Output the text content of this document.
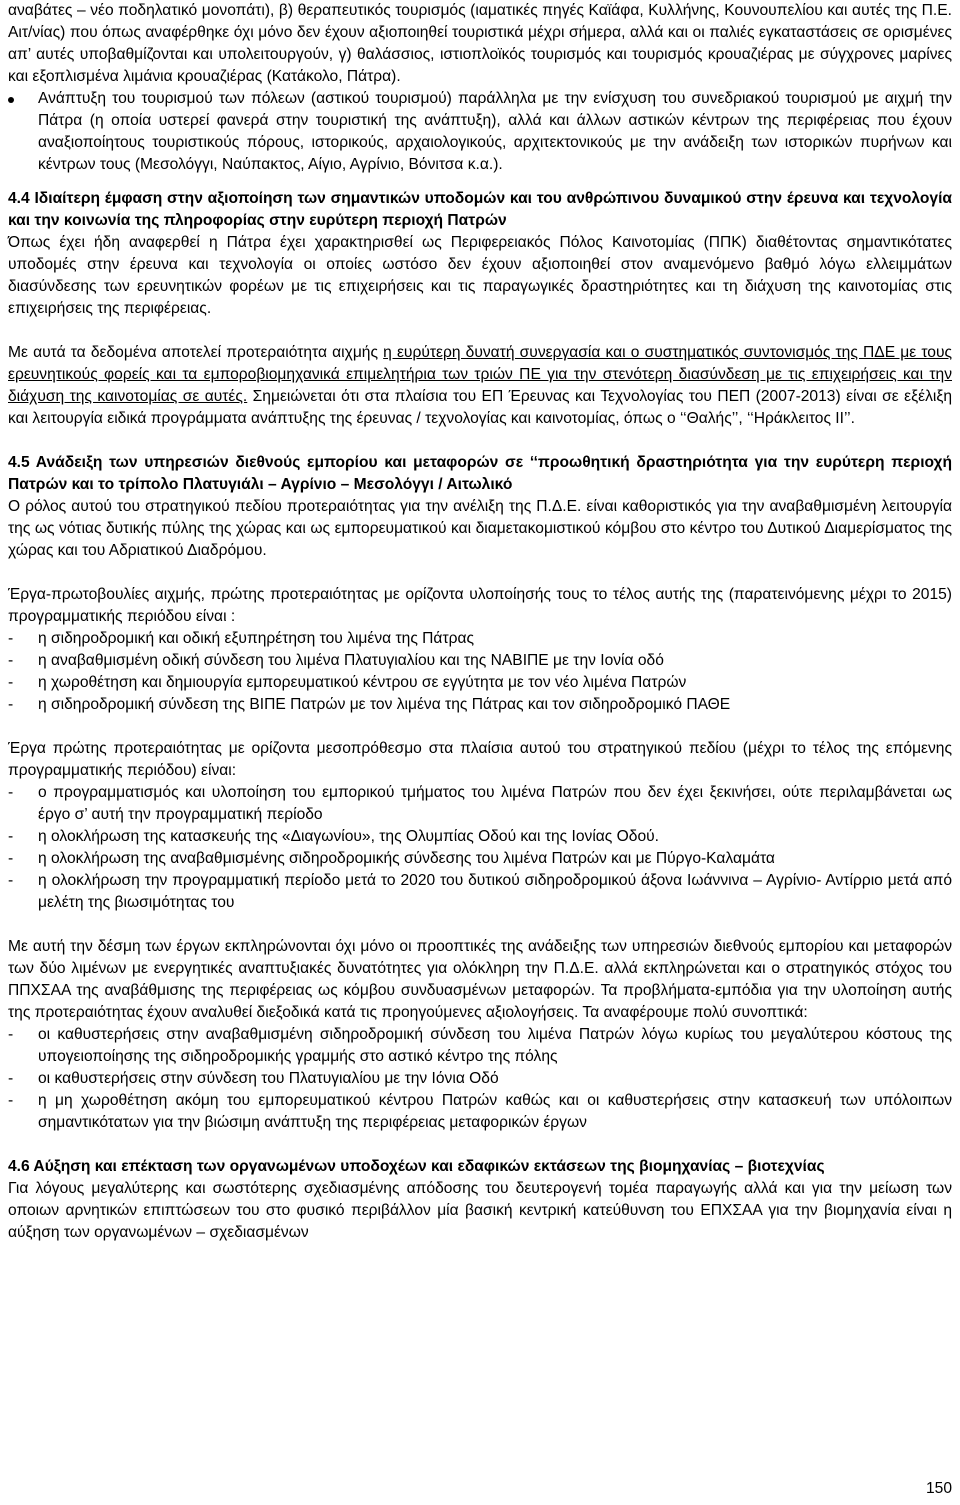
αναβάτες – νέο ποδηλατικό μονοπάτι), β) θεραπευτικός τουρισμός (ιαματικές πηγές Καϊάφα, Κυλλήνης, Κουνουπελίου και αυτές της Π.Ε. Αιτ/νίας) που όπως αναφέρθηκε όχι μόνο δεν έχουν αξιοποιηθεί τουριστικά μέχρι σήμερα, αλλά και οι παλιές εγκαταστάσεις σε ορισμένες απ’ αυτές υποβαθμίζονται και υπολειτουργούν, γ) θαλάσσιος, ιστιοπλοϊκός τουρισμός και τουρισμός κρουαζιέρας με σύγχρονες μαρίνες και εξοπλισμένα λιμάνια κρουαζιέρας (Κατάκολο, Πάτρα).

Ανάπτυξη του τουρισμού των πόλεων (αστικού τουρισμού) παράλληλα με την ενίσχυση του συνεδριακού τουρισμού με αιχμή την Πάτρα (η οποία υστερεί φανερά στην τουριστική της ανάπτυξη), αλλά και άλλων αστικών κέντρων της περιφέρειας που έχουν αναξιοποίητους τουριστικούς πόρους, ιστορικούς, αρχαιολογικούς, αρχιτεκτονικούς με την ανάδειξη των ιστορικών πυρήνων και κέντρων τους (Μεσολόγγι, Ναύπακτος, Αίγιο, Αγρίνιο, Βόνιτσα κ.α.).

4.4 Ιδιαίτερη έμφαση στην αξιοποίηση των σημαντικών υποδομών και του ανθρώπινου δυναμικού στην έρευνα και τεχνολογία και την κοινωνία της πληροφορίας στην ευρύτερη περιοχή Πατρών

Όπως έχει ήδη αναφερθεί η Πάτρα έχει χαρακτηρισθεί ως Περιφερειακός Πόλος Καινοτομίας (ΠΠΚ) διαθέτοντας σημαντικότατες υποδομές στην έρευνα και τεχνολογία οι οποίες ωστόσο δεν έχουν αξιοποιηθεί στον αναμενόμενο βαθμό λόγω ελλειμμάτων διασύνδεσης των ερευνητικών φορέων με τις επιχειρήσεις και τις παραγωγικές δραστηριότητες και τη διάχυση της καινοτομίας στις επιχειρήσεις της περιφέρειας.

Με αυτά τα δεδομένα αποτελεί προτεραιότητα αιχμής η ευρύτερη δυνατή συνεργασία και ο συστηματικός συντονισμός της ΠΔΕ με τους ερευνητικούς φορείς και τα εμποροβιομηχανικά επιμελητήρια των τριών ΠΕ για την στενότερη διασύνδεση με τις επιχειρήσεις και την διάχυση της καινοτομίας σε αυτές. Σημειώνεται ότι στα πλαίσια του ΕΠ Έρευνας και Τεχνολογίας του ΠΕΠ (2007-2013) είναι σε εξέλιξη και λειτουργία ειδικά προγράμματα ανάπτυξης της έρευνας / τεχνολογίας και καινοτομίας, όπως ο ‘‘Θαλής’’, ‘‘Ηράκλειτος ΙΙ’’.

4.5 Ανάδειξη των υπηρεσιών διεθνούς εμπορίου και μεταφορών σε ‘‘προωθητική δραστηριότητα για την ευρύτερη περιοχή Πατρών και το τρίπολο Πλατυγιάλι – Αγρίνιο – Μεσολόγγι / Αιτωλικό

Ο ρόλος αυτού του στρατηγικού πεδίου προτεραιότητας για την ανέλιξη της Π.Δ.Ε. είναι καθοριστικός για την αναβαθμισμένη λειτουργία της ως νότιας δυτικής πύλης της χώρας και ως εμπορευματικού και διαμετακομιστικού κόμβου στο κέντρο του Δυτικού Διαμερίσματος της χώρας και του Αδριατικού Διαδρόμου.

Έργα-πρωτοβουλίες αιχμής, πρώτης προτεραιότητας με ορίζοντα υλοποίησής τους το τέλος αυτής της (παρατεινόμενης μέχρι το 2015) προγραμματικής περιόδου είναι :

- η σιδηροδρομική και οδική εξυπηρέτηση του λιμένα της Πάτρας
- η αναβαθμισμένη οδική σύνδεση του λιμένα Πλατυγιαλίου και της ΝΑΒΙΠΕ με την Ιονία οδό
- η χωροθέτηση και δημιουργία εμπορευματικού κέντρου σε εγγύτητα με τον νέο λιμένα Πατρών
- η σιδηροδρομική σύνδεση της ΒΙΠΕ Πατρών με τον λιμένα της Πάτρας και τον σιδηροδρομικό ΠΑΘΕ

Έργα πρώτης προτεραιότητας με ορίζοντα μεσοπρόθεσμο στα πλαίσια αυτού του στρατηγικού πεδίου (μέχρι το τέλος της επόμενης προγραμματικής περιόδου) είναι:

- ο προγραμματισμός και υλοποίηση του εμπορικού τμήματος του λιμένα Πατρών που δεν έχει ξεκινήσει, ούτε περιλαμβάνεται ως έργο σ’ αυτή την προγραμματική περίοδο
- η ολοκλήρωση της κατασκευής της «Διαγωνίου», της Ολυμπίας Οδού και της Ιονίας Οδού.
- η ολοκλήρωση της αναβαθμισμένης σιδηροδρομικής σύνδεσης του λιμένα Πατρών και με Πύργο-Καλαμάτα
- η ολοκλήρωση την προγραμματική περίοδο μετά το 2020 του δυτικού σιδηροδρομικού άξονα Ιωάννινα – Αγρίνιο- Αντίρριο μετά από μελέτη της βιωσιμότητας του

Με αυτή την δέσμη των έργων εκπληρώνονται όχι μόνο οι προοπτικές της ανάδειξης των υπηρεσιών διεθνούς εμπορίου και μεταφορών των δύο λιμένων με ενεργητικές αναπτυξιακές δυνατότητες για ολόκληρη την Π.Δ.Ε. αλλά εκπληρώνεται και ο στρατηγικός στόχος του ΠΠΧΣΑΑ της αναβάθμισης της περιφέρειας ως κόμβου συνδυασμένων μεταφορών. Τα προβλήματα-εμπόδια για την υλοποίηση αυτής της προτεραιότητας έχουν αναλυθεί διεξοδικά κατά τις προηγούμενες αξιολογήσεις. Τα αναφέρουμε πολύ συνοπτικά:

- οι καθυστερήσεις στην αναβαθμισμένη σιδηροδρομική σύνδεση του λιμένα Πατρών λόγω κυρίως του μεγαλύτερου κόστους της υπογειοποίησης της σιδηροδρομικής γραμμής στο αστικό κέντρο της πόλης
- οι καθυστερήσεις στην σύνδεση του Πλατυγιαλίου με την Ιόνια Οδό
- η μη χωροθέτηση ακόμη του εμπορευματικού κέντρου Πατρών καθώς και οι καθυστερήσεις στην κατασκευή των υπόλοιπων σημαντικότατων για την βιώσιμη ανάπτυξη της περιφέρειας μεταφορικών έργων

4.6 Αύξηση και επέκταση των οργανωμένων υποδοχέων και εδαφικών εκτάσεων της βιομηχανίας – βιοτεχνίας

Για λόγους μεγαλύτερης και σωστότερης σχεδιασμένης απόδοσης του δευτερογενή τομέα παραγωγής αλλά και για την μείωση των οποιων αρνητικών επιπτώσεων του στο φυσικό περιβάλλον μία βασική κεντρική κατεύθυνση του ΕΠΧΣΑΑ για την βιομηχανία είναι η αύξηση των οργανωμένων – σχεδιασμένων

150
